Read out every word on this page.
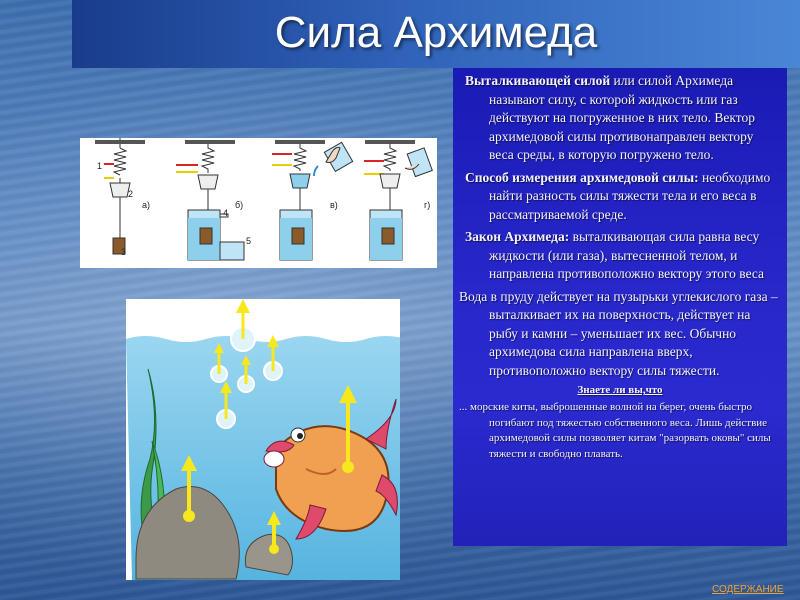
Сила Архимеда
1
2
3
4
5
а)	б)	в)	г)

Выталкивающей силой или силой Архимеда называют силу, с которой жидкость или газ действуют на погруженное в них тело. Вектор архимедовой силы противонаправлен вектору веса среды, в которую погружено тело.

Способ измерения архимедовой силы: необходимо найти разность силы тяжести тела и его веса в рассматриваемой среде.

Закон Архимеда: выталкивающая сила равна весу жидкости (или газа), вытесненной телом, и направлена противоположно вектору этого веса

Вода в пруду действует на пузырьки углекислого газа – выталкивает их на поверхность, действует на рыбу и камни – уменьшает их вес. Обычно архимедова сила направлена вверх, противоположно вектору силы тяжести.

Знаете ли вы,что

... морские киты, выброшенные волной на берег, очень быстро погибают под тяжестью собственного веса. Лишь действие архимедовой силы позволяет китам "разорвать оковы" силы тяжести и свободно плавать.

СОДЕРЖАНИЕ
